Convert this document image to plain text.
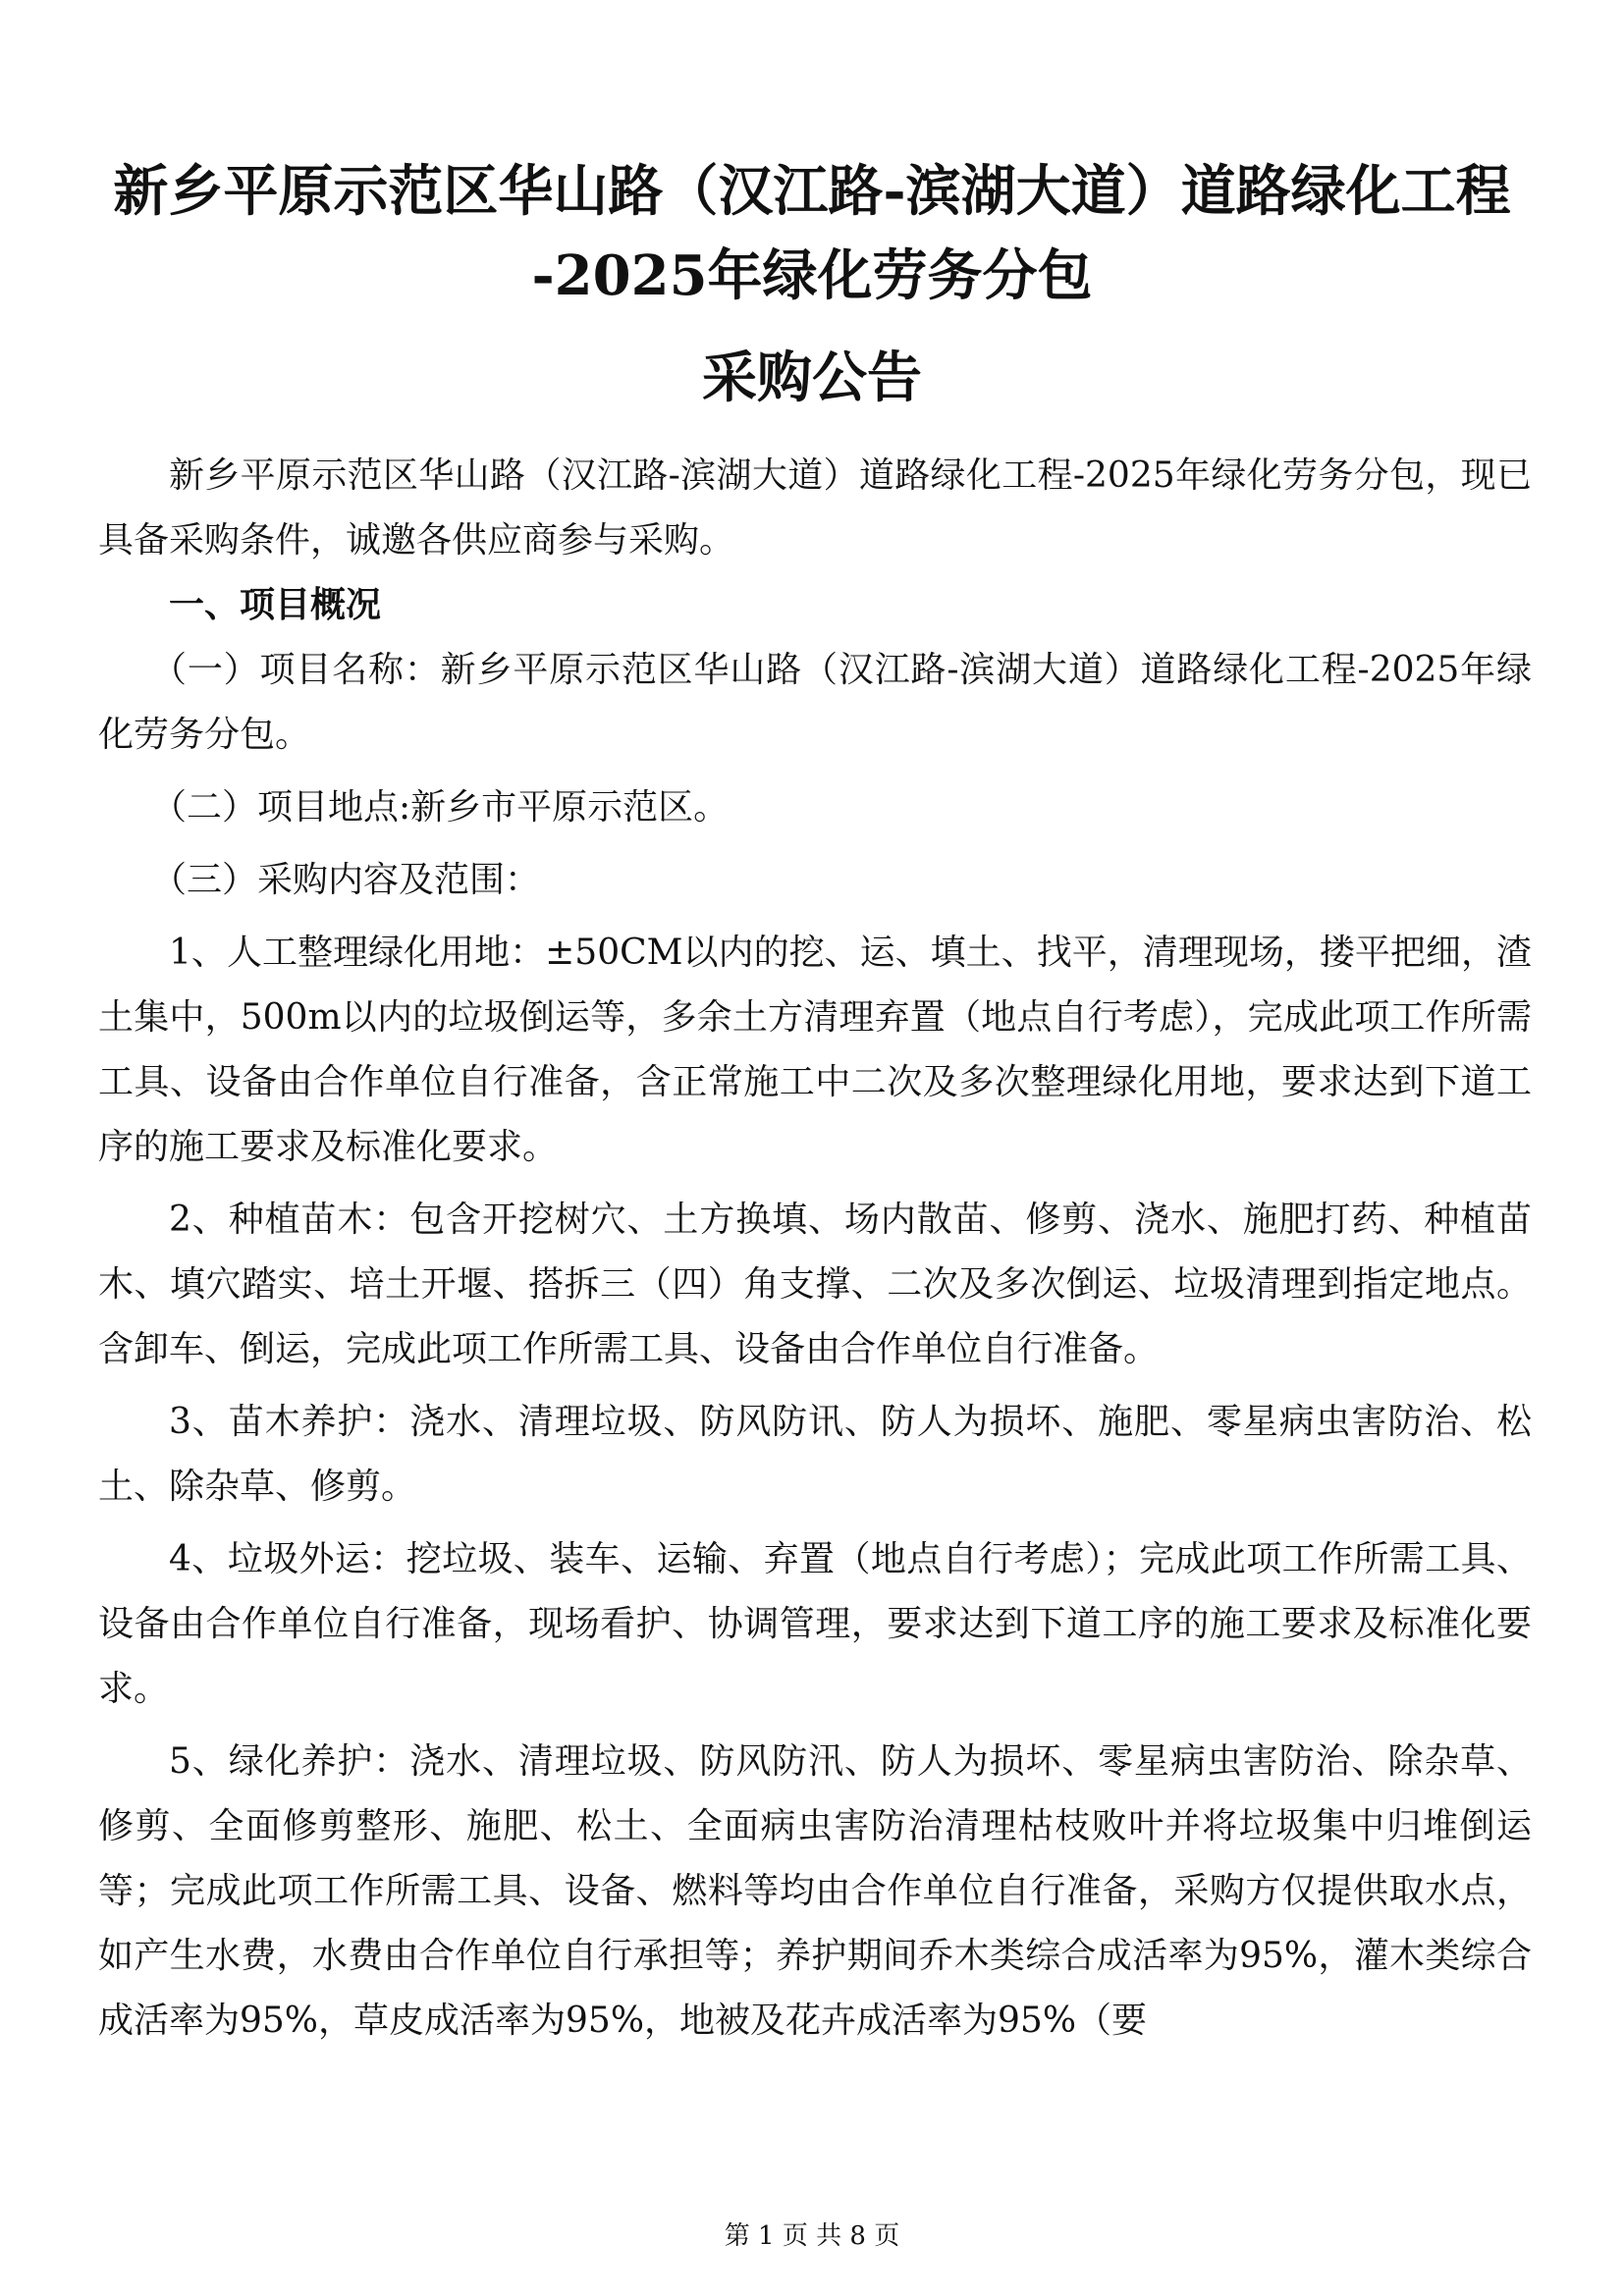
新乡平原示范区华山路（汉江路-滨湖大道）道路绿化工程
-2025年绿化劳务分包
采购公告

新乡平原示范区华山路（汉江路-滨湖大道）道路绿化工程-2025年绿化劳务分包，现已具备采购条件，诚邀各供应商参与采购。

一、项目概况

（一）项目名称：新乡平原示范区华山路（汉江路-滨湖大道）道路绿化工程-2025年绿化劳务分包。

（二）项目地点:新乡市平原示范区。

（三）采购内容及范围：

1、人工整理绿化用地：±50CM以内的挖、运、填土、找平，清理现场，搂平把细，渣土集中，500m以内的垃圾倒运等，多余土方清理弃置（地点自行考虑），完成此项工作所需工具、设备由合作单位自行准备，含正常施工中二次及多次整理绿化用地，要求达到下道工序的施工要求及标准化要求。

2、种植苗木：包含开挖树穴、土方换填、场内散苗、修剪、浇水、施肥打药、种植苗木、填穴踏实、培土开堰、搭拆三（四）角支撑、二次及多次倒运、垃圾清理到指定地点。含卸车、倒运，完成此项工作所需工具、设备由合作单位自行准备。

3、苗木养护：浇水、清理垃圾、防风防讯、防人为损坏、施肥、零星病虫害防治、松土、除杂草、修剪。

4、垃圾外运：挖垃圾、装车、运输、弃置（地点自行考虑）；完成此项工作所需工具、设备由合作单位自行准备，现场看护、协调管理，要求达到下道工序的施工要求及标准化要求。

5、绿化养护：浇水、清理垃圾、防风防汛、防人为损坏、零星病虫害防治、除杂草、修剪、全面修剪整形、施肥、松土、全面病虫害防治清理枯枝败叶并将垃圾集中归堆倒运等；完成此项工作所需工具、设备、燃料等均由合作单位自行准备，采购方仅提供取水点，如产生水费，水费由合作单位自行承担等；养护期间乔木类综合成活率为95%，灌木类综合成活率为95%，草皮成活率为95%，地被及花卉成活率为95%（要

第 1 页 共 8 页
